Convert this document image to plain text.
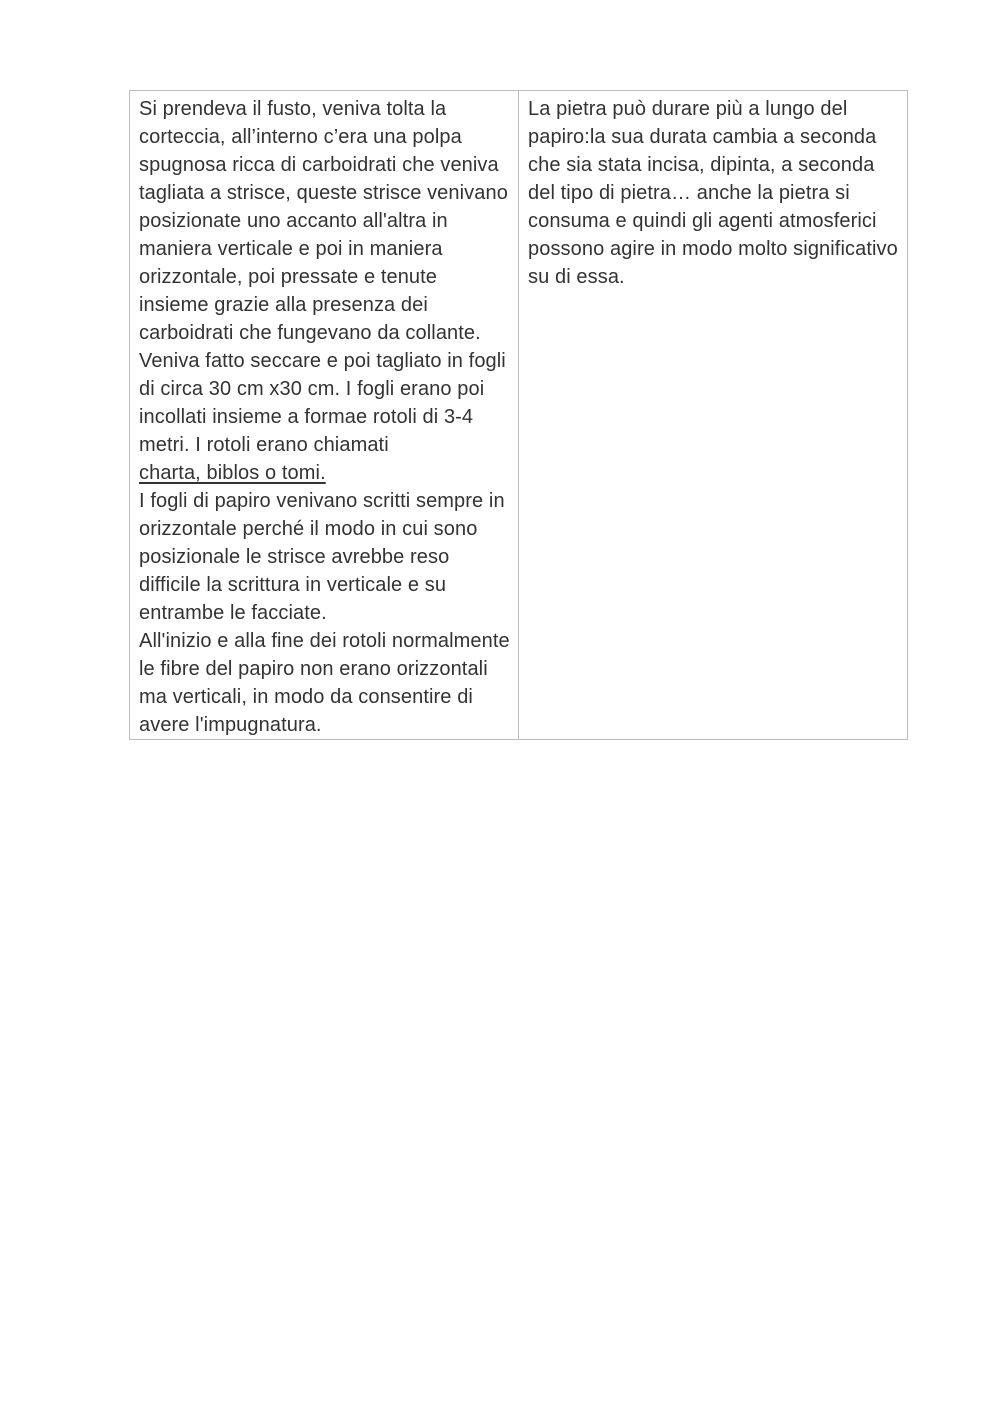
Si prendeva il fusto, veniva tolta la corteccia, all’interno c’era una polpa spugnosa ricca di carboidrati che veniva tagliata a strisce, queste strisce venivano posizionate uno accanto all'altra in maniera verticale e poi in maniera orizzontale, poi pressate e tenute insieme grazie alla presenza dei carboidrati che fungevano da collante. Veniva fatto seccare e poi tagliato in fogli di circa 30 cm x30 cm. I fogli erano poi incollati insieme a formae rotoli di 3-4 metri. I rotoli erano chiamati
charta, biblos o tomi.

I fogli di papiro venivano scritti sempre in orizzontale perché il modo in cui sono posizionale le strisce avrebbe reso difficile la scrittura in verticale e su entrambe le facciate.

All'inizio e alla fine dei rotoli normalmente le fibre del papiro non erano orizzontali ma verticali, in modo da consentire di avere l'impugnatura.

La pietra può durare più a lungo del papiro:la sua durata cambia a seconda che sia stata incisa, dipinta, a seconda del tipo di pietra… anche la pietra si consuma e quindi gli agenti atmosferici possono agire in modo molto significativo su di essa.
